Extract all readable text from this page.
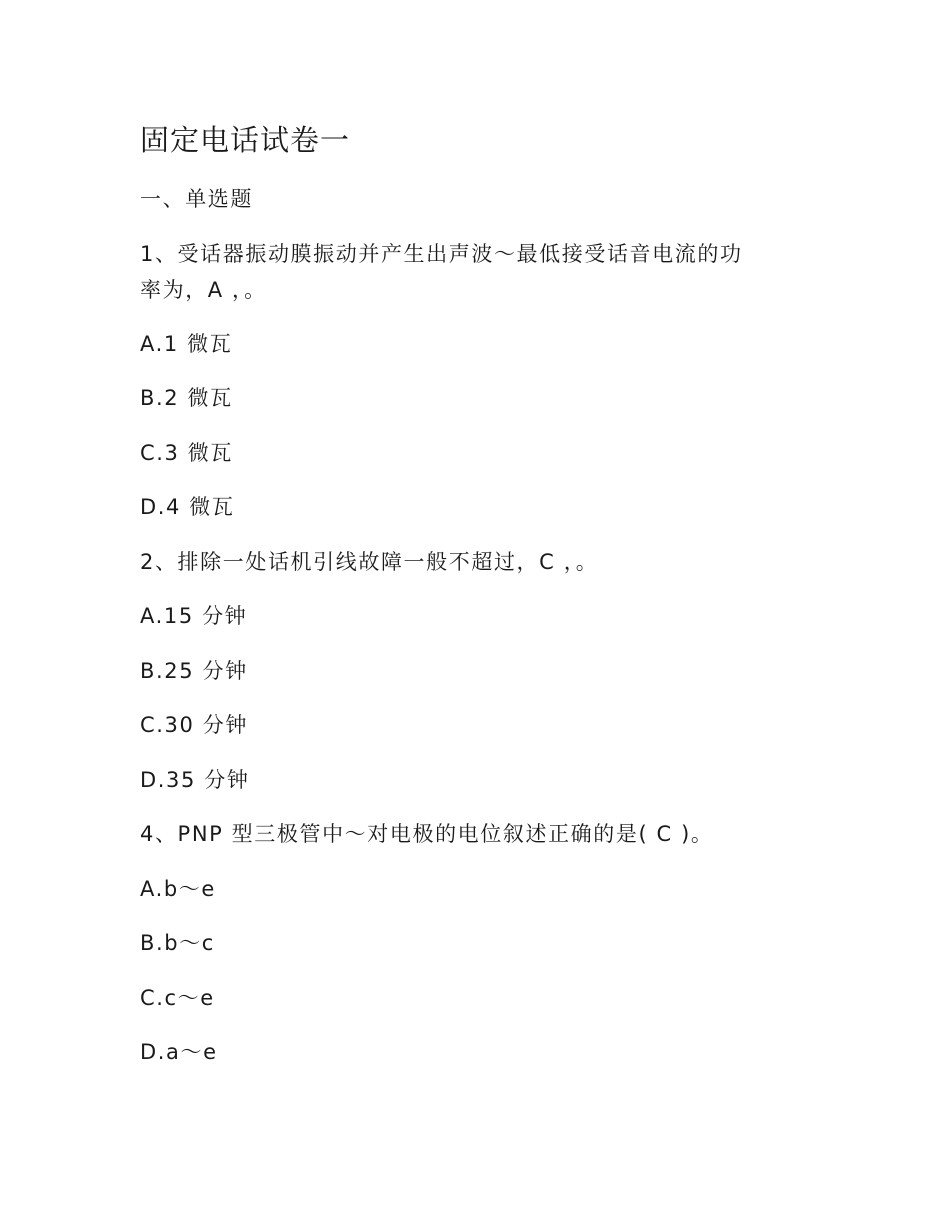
固定电话试卷一
一、单选题
1、受话器振动膜振动并产生出声波～最低接受话音电流的功
率为，A ，。
A.1 微瓦
B.2 微瓦
C.3 微瓦
D.4 微瓦
2、排除一处话机引线故障一般不超过，C ，。
A.15 分钟
B.25 分钟
C.30 分钟
D.35 分钟
4、PNP 型三极管中～对电极的电位叙述正确的是( C )。
A.b～e
B.b～c
C.c～e
D.a～e
